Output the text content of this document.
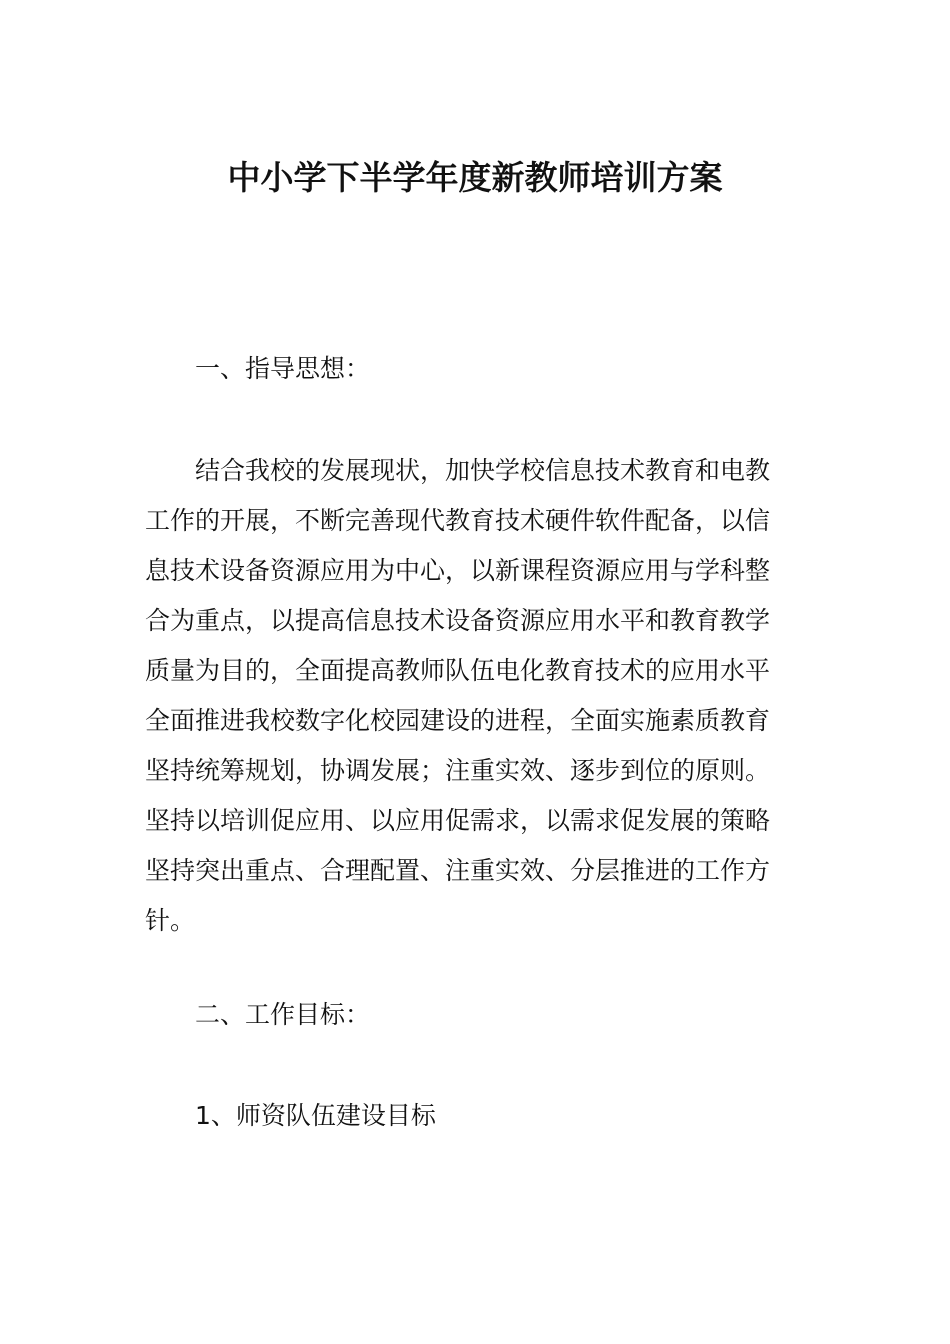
中小学下半学年度新教师培训方案
一、指导思想：
结合我校的发展现状，加快学校信息技术教育和电教
工作的开展，不断完善现代教育技术硬件软件配备，以信
息技术设备资源应用为中心，以新课程资源应用与学科整
合为重点，以提高信息技术设备资源应用水平和教育教学
质量为目的，全面提高教师队伍电化教育技术的应用水平
全面推进我校数字化校园建设的进程，全面实施素质教育
坚持统筹规划，协调发展；注重实效、逐步到位的原则。
坚持以培训促应用、以应用促需求，以需求促发展的策略
坚持突出重点、合理配置、注重实效、分层推进的工作方
针。
二、工作目标：
1、师资队伍建设目标
